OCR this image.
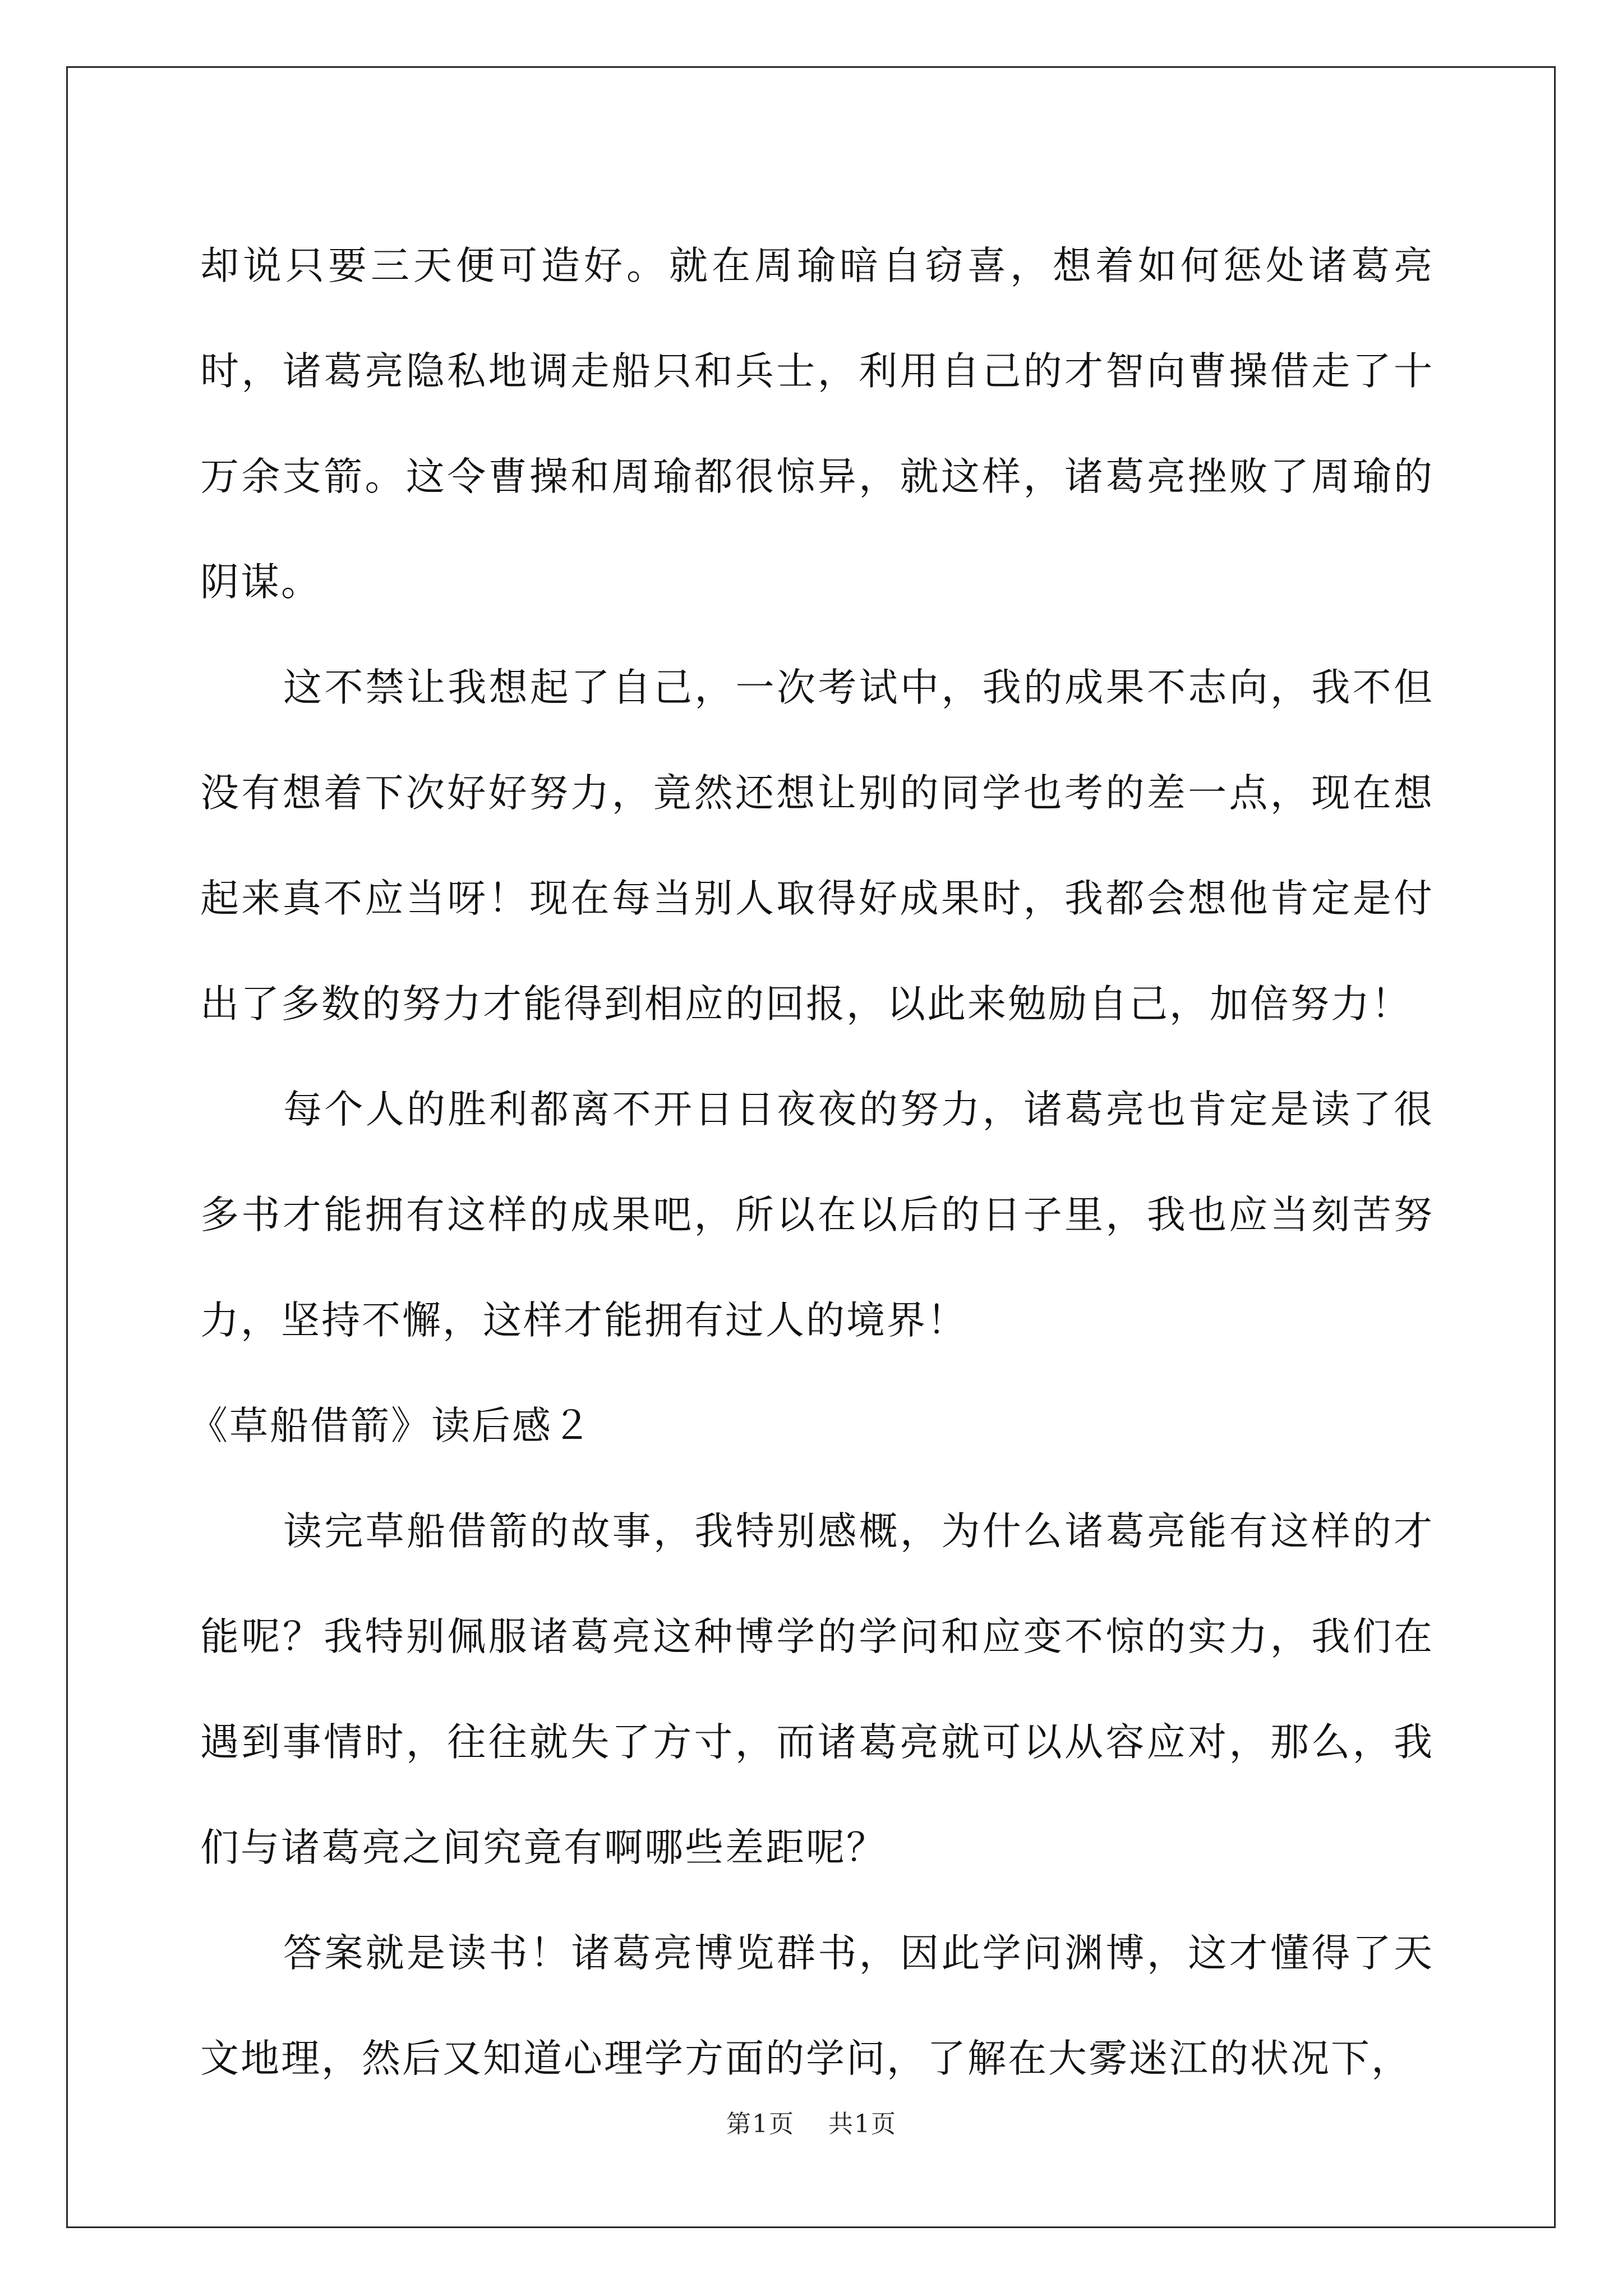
却说只要三天便可造好。就在周瑜暗自窃喜，想着如何惩处诸葛亮时，诸葛亮隐私地调走船只和兵士，利用自己的才智向曹操借走了十万余支箭。这令曹操和周瑜都很惊异，就这样，诸葛亮挫败了周瑜的阴谋。

这不禁让我想起了自己，一次考试中，我的成果不志向，我不但没有想着下次好好努力，竟然还想让别的同学也考的差一点，现在想起来真不应当呀！现在每当别人取得好成果时，我都会想他肯定是付出了多数的努力才能得到相应的回报，以此来勉励自己，加倍努力！

每个人的胜利都离不开日日夜夜的努力，诸葛亮也肯定是读了很多书才能拥有这样的成果吧，所以在以后的日子里，我也应当刻苦努力，坚持不懈，这样才能拥有过人的境界！

《草船借箭》读后感２

读完草船借箭的故事，我特别感概，为什么诸葛亮能有这样的才能呢？我特别佩服诸葛亮这种博学的学问和应变不惊的实力，我们在遇到事情时，往往就失了方寸，而诸葛亮就可以从容应对，那么，我们与诸葛亮之间究竟有啊哪些差距呢？

答案就是读书！诸葛亮博览群书，因此学问渊博，这才懂得了天文地理，然后又知道心理学方面的学问，了解在大雾迷江的状况下，

第1页 共1页
